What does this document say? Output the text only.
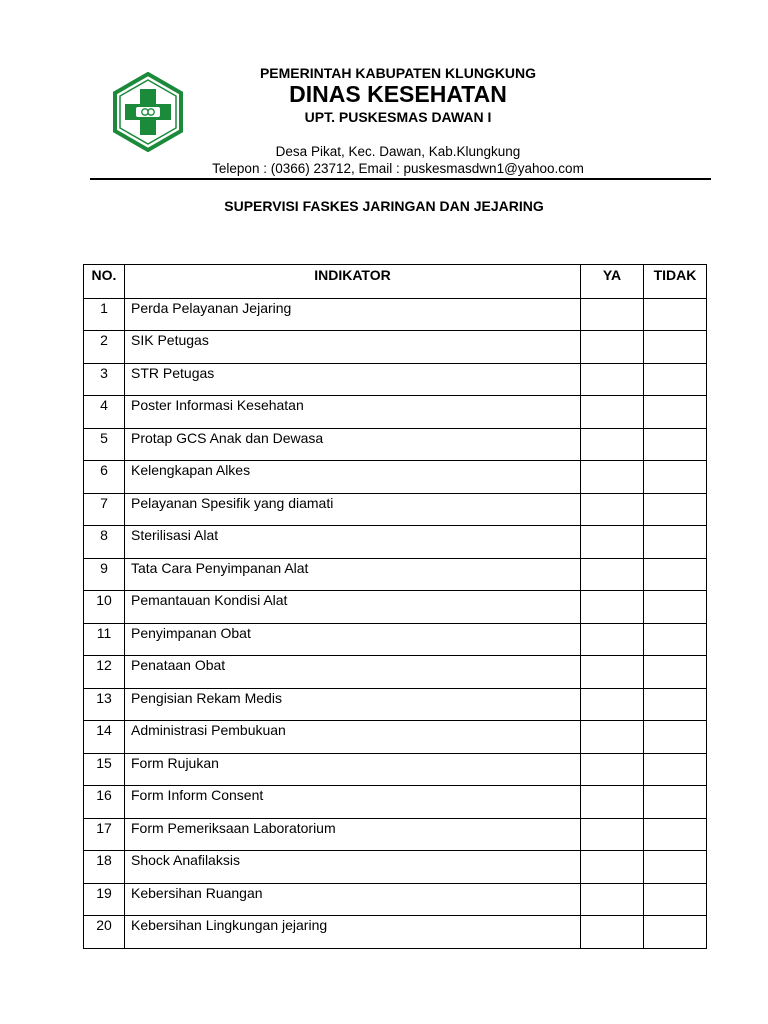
PEMERINTAH KABUPATEN KLUNGKUNG
DINAS KESEHATAN
UPT. PUSKESMAS DAWAN I
Desa Pikat, Kec. Dawan, Kab.Klungkung
Telepon : (0366) 23712, Email : puskesmasdwn1@yahoo.com
SUPERVISI FASKES JARINGAN DAN JEJARING
NO.	INDIKATOR	YA	TIDAK
1	Perda Pelayanan Jejaring		
2	SIK Petugas		
3	STR Petugas		
4	Poster Informasi Kesehatan		
5	Protap GCS Anak dan Dewasa		
6	Kelengkapan Alkes		
7	Pelayanan Spesifik yang diamati		
8	Sterilisasi Alat		
9	Tata Cara Penyimpanan Alat		
10	Pemantauan Kondisi Alat		
11	Penyimpanan Obat		
12	Penataan Obat		
13	Pengisian Rekam Medis		
14	Administrasi Pembukuan		
15	Form Rujukan		
16	Form Inform Consent		
17	Form Pemeriksaan Laboratorium		
18	Shock Anafilaksis		
19	Kebersihan Ruangan		
20	Kebersihan Lingkungan jejaring		
